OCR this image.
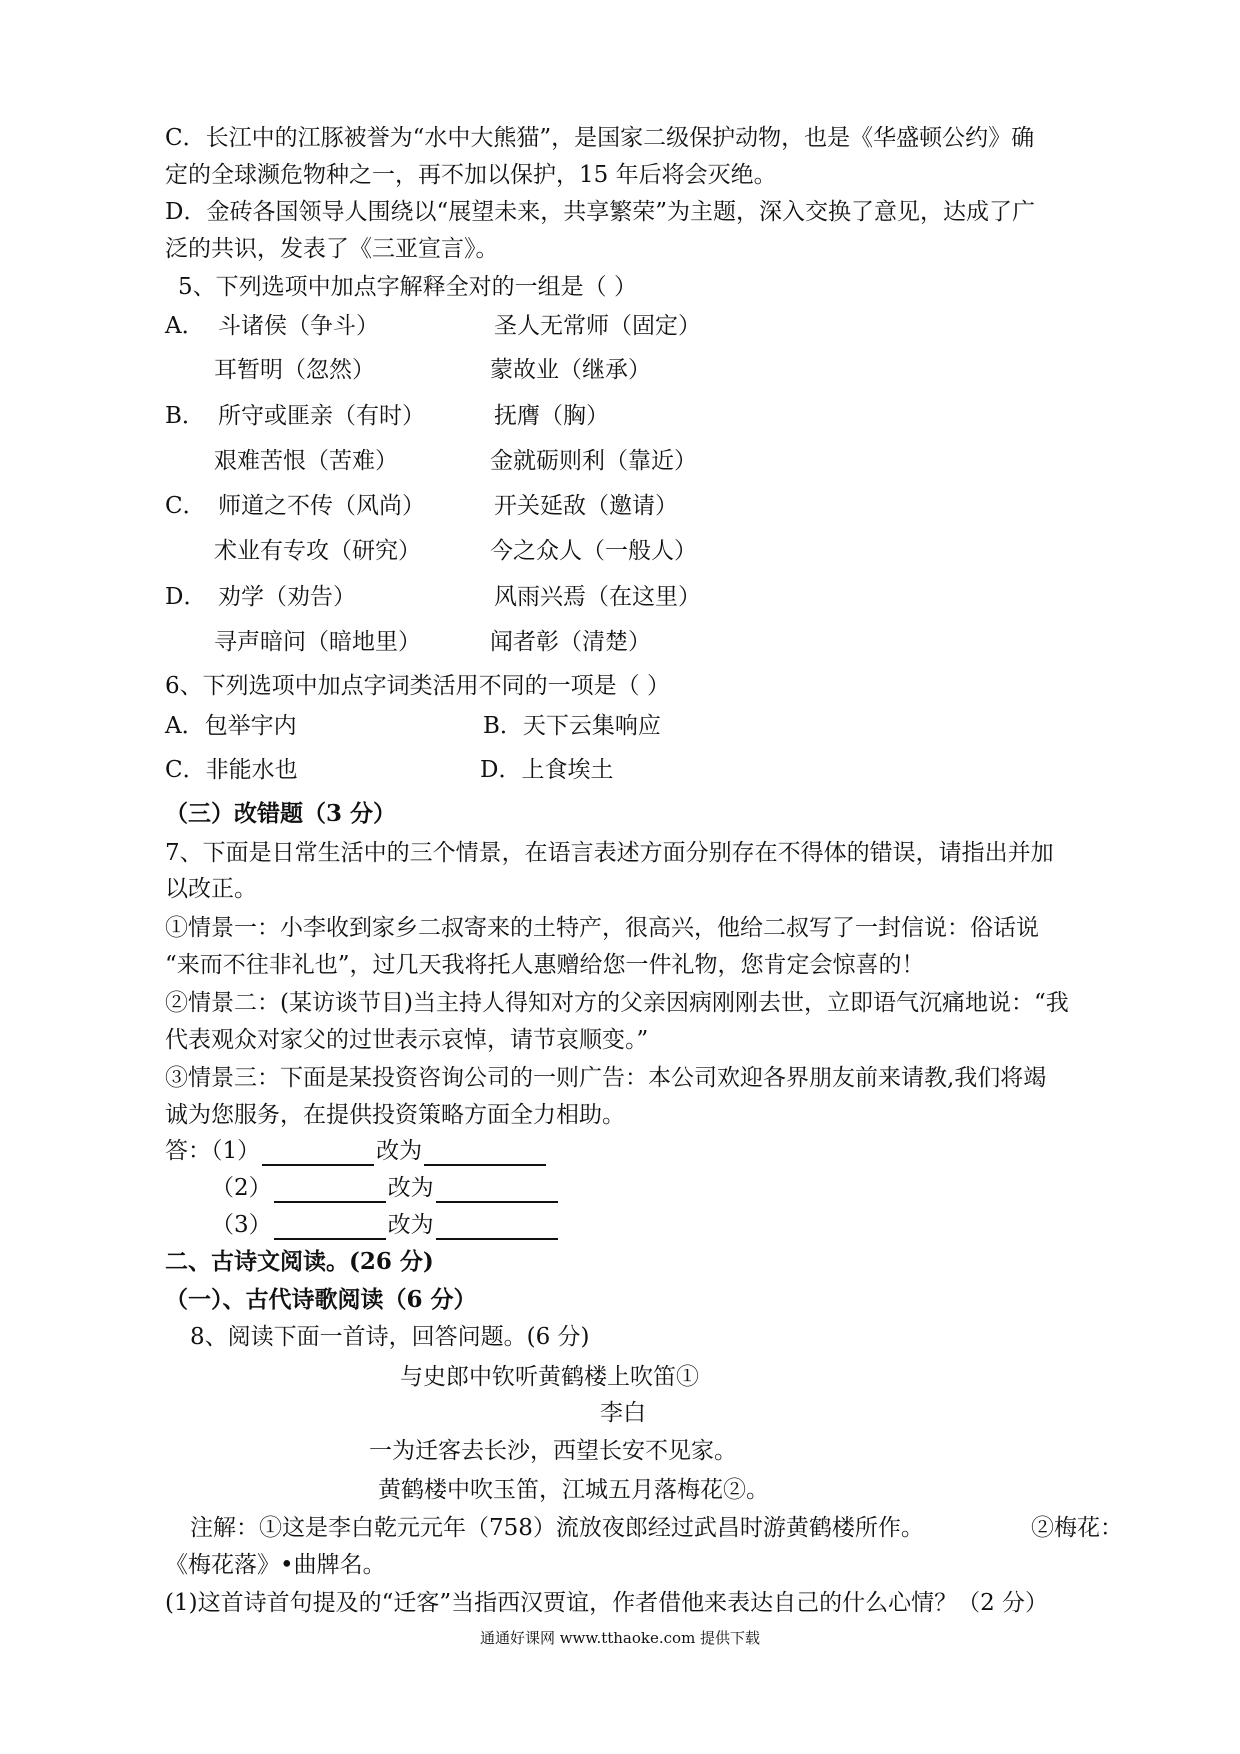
C．长江中的江豚被誉为“水中大熊猫”，是国家二级保护动物，也是《华盛顿公约》确
定的全球濒危物种之一，再不加以保护，15 年后将会灭绝。
D．金砖各国领导人围绕以“展望未来，共享繁荣”为主题，深入交换了意见，达成了广
泛的共识，发表了《三亚宣言》。
5、下列选项中加点字解释全对的一组是（ ）
A． 斗诸侯（争斗）	圣人无常师（固定）
耳暂明（忽然）	蒙故业（继承）
B． 所守或匪亲（有时）	抚膺（胸）
艰难苦恨（苦难）	金就砺则利（靠近）
C． 师道之不传（风尚）	开关延敌（邀请）
术业有专攻（研究）	今之众人（一般人）
D． 劝学（劝告）	风雨兴焉（在这里）
寻声暗问（暗地里）	闻者彰（清楚）
6、下列选项中加点字词类活用不同的一项是（ ）
A．包举宇内	B．天下云集响应
C．非能水也	D．上食埃土
（三）改错题（3 分）
7、下面是日常生活中的三个情景，在语言表述方面分别存在不得体的错误，请指出并加
以改正。
①情景一：小李收到家乡二叔寄来的土特产，很高兴，他给二叔写了一封信说：俗话说
“来而不往非礼也”，过几天我将托人惠赠给您一件礼物，您肯定会惊喜的！
②情景二：(某访谈节目)当主持人得知对方的父亲因病刚刚去世，立即语气沉痛地说：“我
代表观众对家父的过世表示哀悼，请节哀顺变。”
③情景三：下面是某投资咨询公司的一则广告：本公司欢迎各界朋友前来请教,我们将竭
诚为您服务，在提供投资策略方面全力相助。
答：（1）	改为
（2）	改为
（3）	改为
二、古诗文阅读。(26 分)
（一）、古代诗歌阅读（6 分）
8、阅读下面一首诗，回答问题。(6 分)
与史郎中钦听黄鹤楼上吹笛①
李白
一为迁客去长沙，西望长安不见家。
黄鹤楼中吹玉笛，江城五月落梅花②。
注解：①这是李白乾元元年（758）流放夜郎经过武昌时游黄鹤楼所作。	②梅花：
《梅花落》•曲牌名。
(1)这首诗首句提及的“迁客”当指西汉贾谊，作者借他来表达自己的什么心情？（2 分）
通通好课网 www.tthaoke.com 提供下载
